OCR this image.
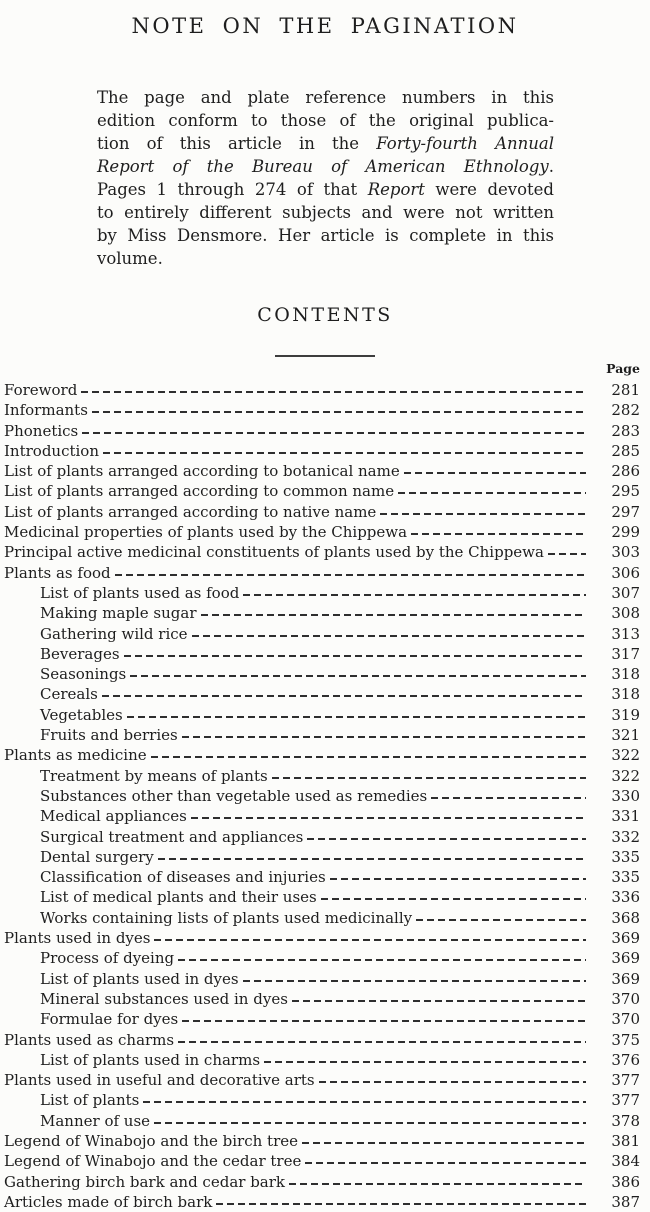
NOTE ON THE PAGINATION
The page and plate reference numbers in this
edition conform to those of the original publica-
tion of this article in the Forty-fourth Annual
Report of the Bureau of American Ethnology.
Pages 1 through 274 of that Report were devoted
to entirely different subjects and were not written
by Miss Densmore. Her article is complete in this
volume.
CONTENTS
Page
Foreword	281
Informants	282
Phonetics	283
Introduction	285
List of plants arranged according to botanical name	286
List of plants arranged according to common name	295
List of plants arranged according to native name	297
Medicinal properties of plants used by the Chippewa	299
Principal active medicinal constituents of plants used by the Chippewa	303
Plants as food	306
List of plants used as food	307
Making maple sugar	308
Gathering wild rice	313
Beverages	317
Seasonings	318
Cereals	318
Vegetables	319
Fruits and berries	321
Plants as medicine	322
Treatment by means of plants	322
Substances other than vegetable used as remedies	330
Medical appliances	331
Surgical treatment and appliances	332
Dental surgery	335
Classification of diseases and injuries	335
List of medical plants and their uses	336
Works containing lists of plants used medicinally	368
Plants used in dyes	369
Process of dyeing	369
List of plants used in dyes	369
Mineral substances used in dyes	370
Formulae for dyes	370
Plants used as charms	375
List of plants used in charms	376
Plants used in useful and decorative arts	377
List of plants	377
Manner of use	378
Legend of Winabojo and the birch tree	381
Legend of Winabojo and the cedar tree	384
Gathering birch bark and cedar bark	386
Articles made of birch bark	387
